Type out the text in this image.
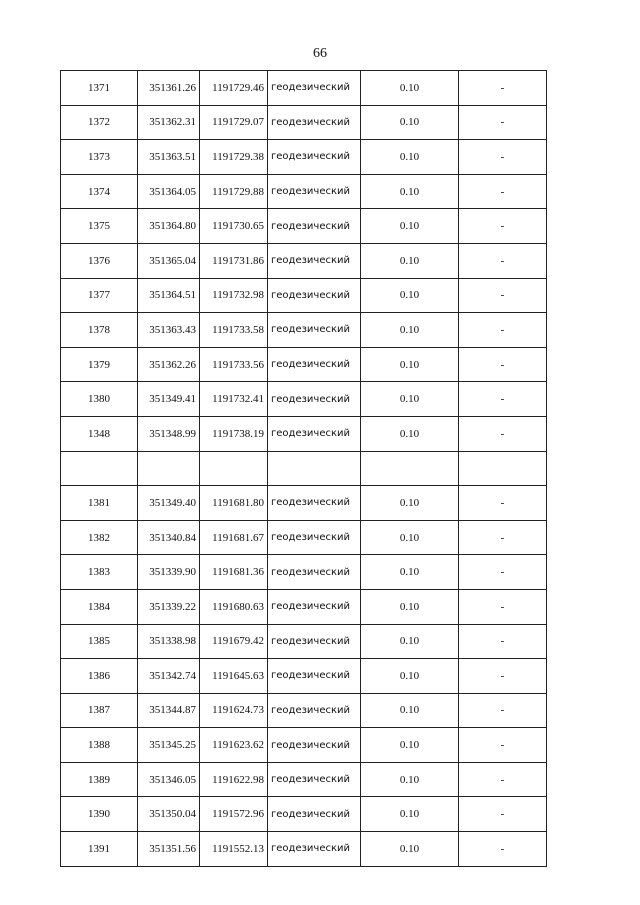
66
1371	351361.26	1191729.46	геодезический	0.10	-
1372	351362.31	1191729.07	геодезический	0.10	-
1373	351363.51	1191729.38	геодезический	0.10	-
1374	351364.05	1191729.88	геодезический	0.10	-
1375	351364.80	1191730.65	геодезический	0.10	-
1376	351365.04	1191731.86	геодезический	0.10	-
1377	351364.51	1191732.98	геодезический	0.10	-
1378	351363.43	1191733.58	геодезический	0.10	-
1379	351362.26	1191733.56	геодезический	0.10	-
1380	351349.41	1191732.41	геодезический	0.10	-
1348	351348.99	1191738.19	геодезический	0.10	-

1381	351349.40	1191681.80	геодезический	0.10	-
1382	351340.84	1191681.67	геодезический	0.10	-
1383	351339.90	1191681.36	геодезический	0.10	-
1384	351339.22	1191680.63	геодезический	0.10	-
1385	351338.98	1191679.42	геодезический	0.10	-
1386	351342.74	1191645.63	геодезический	0.10	-
1387	351344.87	1191624.73	геодезический	0.10	-
1388	351345.25	1191623.62	геодезический	0.10	-
1389	351346.05	1191622.98	геодезический	0.10	-
1390	351350.04	1191572.96	геодезический	0.10	-
1391	351351.56	1191552.13	геодезический	0.10	-
